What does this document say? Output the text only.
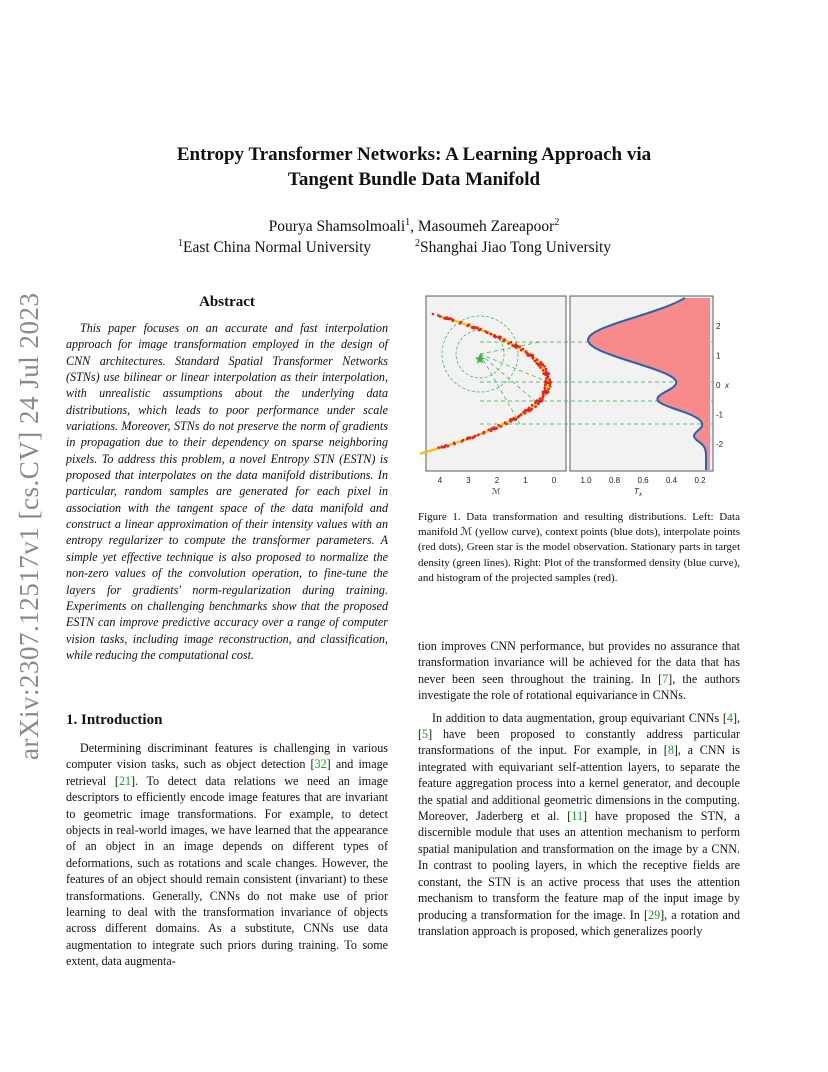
arXiv:2307.12517v1 [cs.CV] 24 Jul 2023
Entropy Transformer Networks: A Learning Approach via
Tangent Bundle Data Manifold
Pourya Shamsolmoali$^1$, Masoumeh Zareapoor$^2$
$^1$East China Normal University	$^2$Shanghai Jiao Tong University
Abstract
This paper focuses on an accurate and fast interpolation approach for image transformation employed in the design of CNN architectures. Standard Spatial Transformer Networks (STNs) use bilinear or linear interpolation as their interpolation, with unrealistic assumptions about the underlying data distributions, which leads to poor performance under scale variations. Moreover, STNs do not preserve the norm of gradients in propagation due to their dependency on sparse neighboring pixels. To address this problem, a novel Entropy STN (ESTN) is proposed that interpolates on the data manifold distributions. In particular, random samples are generated for each pixel in association with the tangent space of the data manifold and construct a linear approximation of their intensity values with an entropy regularizer to compute the transformer parameters. A simple yet effective technique is also proposed to normalize the non-zero values of the convolution operation, to fine-tune the layers for gradients' norm-regularization during training. Experiments on challenging benchmarks show that the proposed ESTN can improve predictive accuracy over a range of computer vision tasks, including image reconstruction, and classification, while reducing the computational cost.
1. Introduction

Determining discriminant features is challenging in various computer vision tasks, such as object detection [32] and image retrieval [21]. To detect data relations we need an image descriptors to efficiently encode image features that are invariant to geometric image transformations. For example, to detect objects in real-world images, we have learned that the appearance of an object in an image depends on different types of deformations, such as rotations and scale changes. However, the features of an object should remain consistent (invariant) to these transformations. Generally, CNNs do not make use of prior learning to deal with the transformation invariance of objects across different domains. As a substitute, CNNs use data augmentation to integrate such priors during training. To some extent, data augmenta-

4	3	2	1	0	1.0 0.8 0.6 0.4 0.2
2
1
0
-1
-2
ℳ	$T_x$
x
Figure 1. Data transformation and resulting distributions. Left: Data manifold ℳ (yellow curve), context points (blue dots), interpolate points (red dots), Green star is the model observation. Stationary parts in target density (green lines). Right: Plot of the transformed density (blue curve), and histogram of the projected samples (red).

tion improves CNN performance, but provides no assurance that transformation invariance will be achieved for the data that has never been seen throughout the training. In [7], the authors investigate the role of rotational equivariance in CNNs.

In addition to data augmentation, group equivariant CNNs [4], [5] have been proposed to constantly address particular transformations of the input. For example, in [8], a CNN is integrated with equivariant self-attention layers, to separate the feature aggregation process into a kernel generator, and decouple the spatial and additional geometric dimensions in the computing. Moreover, Jaderberg et al. [11] have proposed the STN, a discernible module that uses an attention mechanism to perform spatial manipulation and transformation on the image by a CNN. In contrast to pooling layers, in which the receptive fields are constant, the STN is an active process that uses the attention mechanism to transform the feature map of the input image by producing a transformation for the image. In [29], a rotation and translation approach is proposed, which generalizes poorly
